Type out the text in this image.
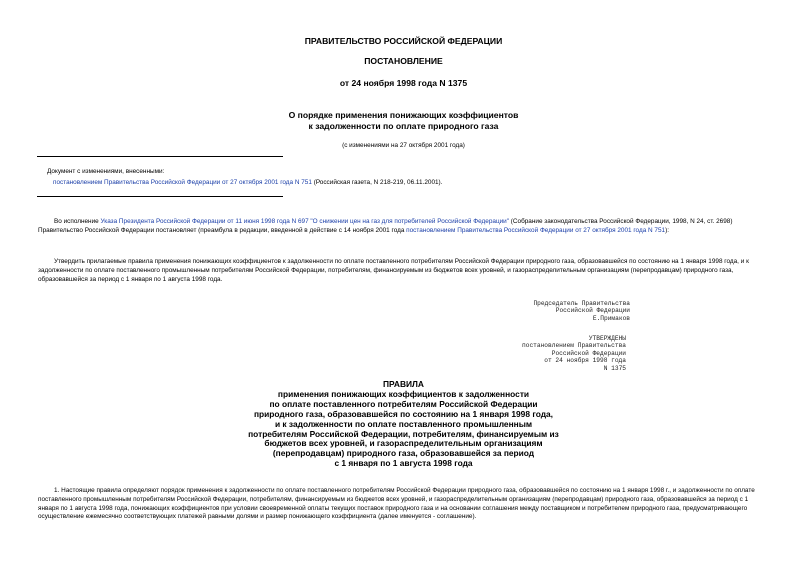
ПРАВИТЕЛЬСТВО РОССИЙСКОЙ ФЕДЕРАЦИИ
ПОСТАНОВЛЕНИЕ
от 24 ноября 1998 года N 1375
О порядке применения понижающих коэффициентов
к задолженности по оплате природного газа
(с изменениями на 27 октября 2001 года)
Документ с изменениями, внесенными:
постановлением Правительства Российской Федерации от 27 октября 2001 года N 751 (Российская газета, N 218-219, 06.11.2001).
Во исполнение Указа Президента Российской Федерации от 11 июня 1998 года N 697 "О снижении цен на газ для потребителей Российской Федерации" (Собрание законодательства Российской Федерации, 1998, N 24, ст. 2698) Правительство Российской Федерации постановляет (преамбула в редакции, введенной в действие с 14 ноября 2001 года постановлением Правительства Российской Федерации от 27 октября 2001 года N 751):
Утвердить прилагаемые правила применения понижающих коэффициентов к задолженности по оплате поставленного потребителям Российской Федерации природного газа, образовавшейся по состоянию на 1 января 1998 года, и к задолженности по оплате поставленного промышленным потребителям Российской Федерации, потребителям, финансируемым из бюджетов всех уровней, и газораспределительным организациям (перепродавцам) природного газа, образовавшейся за период с 1 января по 1 августа 1998 года.
Председатель Правительства
Российской Федерации
Е.Примаков
УТВЕРЖДЕНЫ
постановлением Правительства
Российской Федерации
от 24 ноября 1998 года
N 1375
ПРАВИЛА
применения понижающих коэффициентов к задолженности
по оплате поставленного потребителям Российской Федерации
природного газа, образовавшейся по состоянию на 1 января 1998 года,
и к задолженности по оплате поставленного промышленным
потребителям Российской Федерации, потребителям, финансируемым из
бюджетов всех уровней, и газораспределительным организациям
(перепродавцам) природного газа, образовавшейся за период
с 1 января по 1 августа 1998 года
1. Настоящие правила определяют порядок применения к задолженности по оплате поставленного потребителям Российской Федерации природного газа, образовавшейся по состоянию на 1 января 1998 г., и задолженности по оплате поставленного промышленным потребителям Российской Федерации, потребителям, финансируемым из бюджетов всех уровней, и газораспределительным организациям (перепродавцам) природного газа, образовавшейся за период с 1 января по 1 августа 1998 года, понижающих коэффициентов при условии своевременной оплаты текущих поставок природного газа и на основании соглашения между поставщиком и потребителем природного газа, предусматривающего осуществление ежемесячно соответствующих платежей равными долями и размер понижающего коэффициента (далее именуется - соглашение).
